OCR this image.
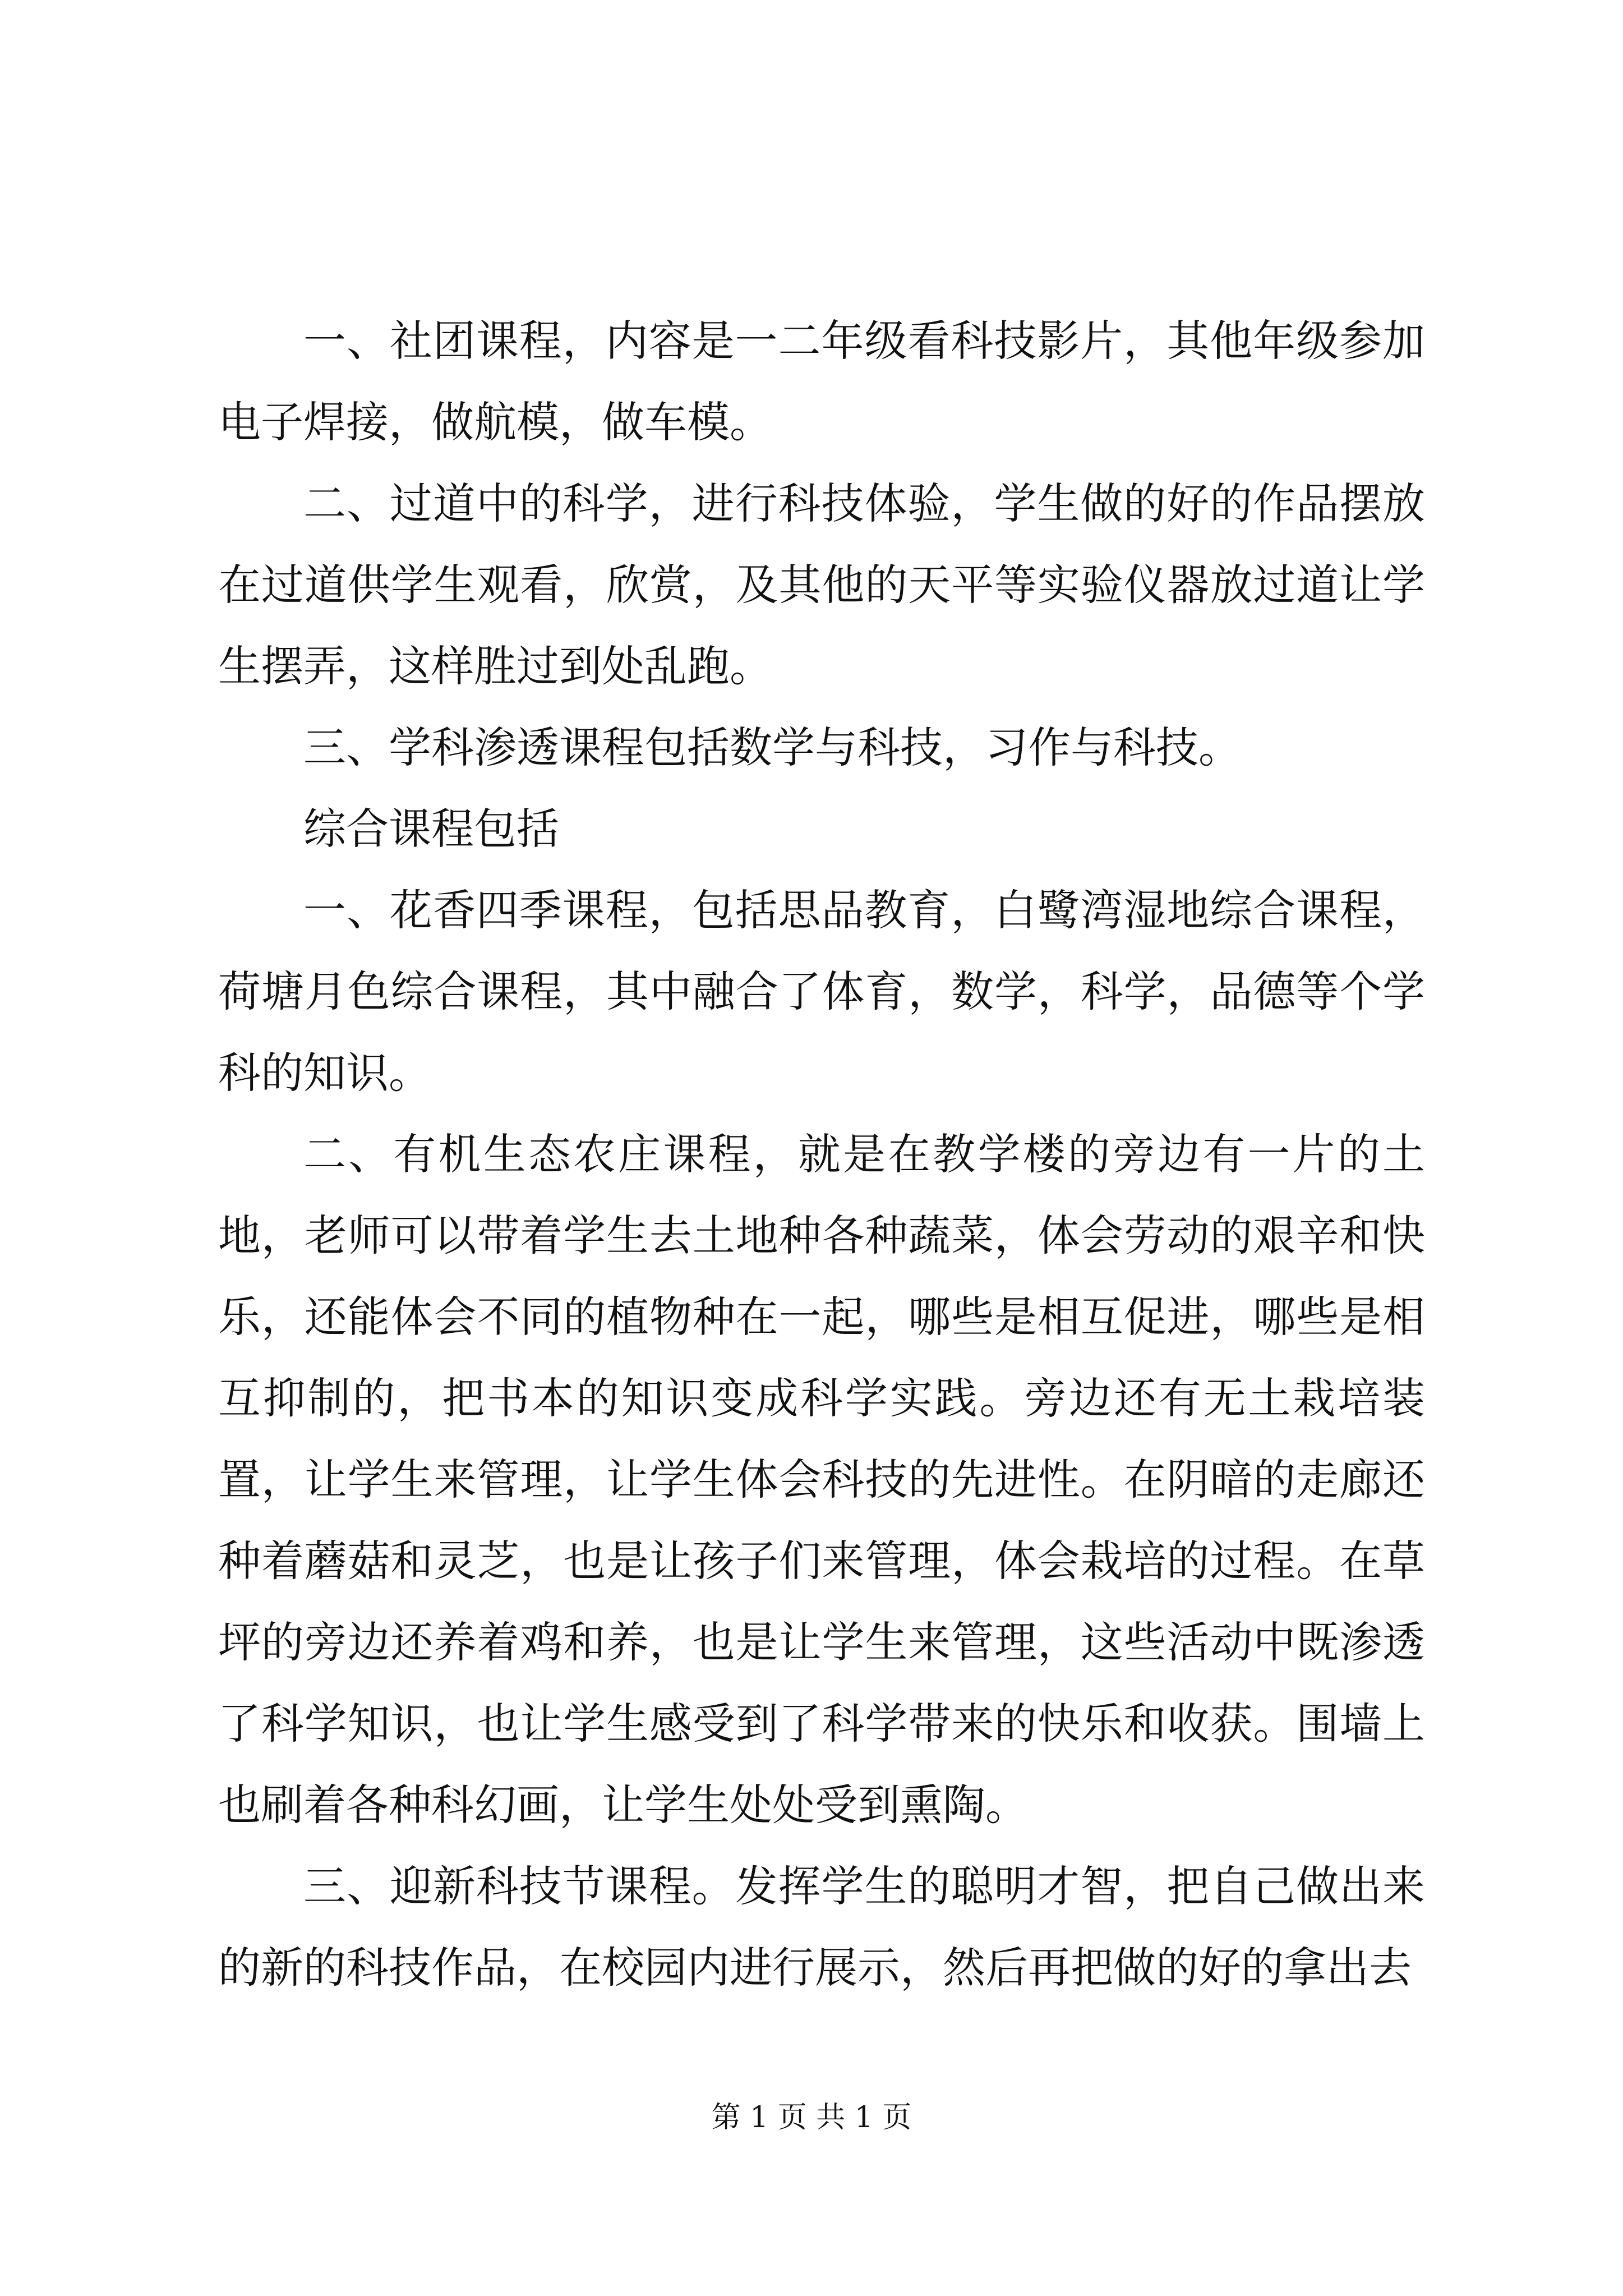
一、社团课程，内容是一二年级看科技影片，其他年级参加电子焊接，做航模，做车模。

二、过道中的科学，进行科技体验，学生做的好的作品摆放在过道供学生观看，欣赏，及其他的天平等实验仪器放过道让学生摆弄，这样胜过到处乱跑。

三、学科渗透课程包括数学与科技，习作与科技。

综合课程包括

一、花香四季课程，包括思品教育，白鹭湾湿地综合课程，荷塘月色综合课程，其中融合了体育，数学，科学，品德等个学科的知识。

二、有机生态农庄课程，就是在教学楼的旁边有一片的土地，老师可以带着学生去土地种各种蔬菜，体会劳动的艰辛和快乐，还能体会不同的植物种在一起，哪些是相互促进，哪些是相互抑制的，把书本的知识变成科学实践。旁边还有无土栽培装置，让学生来管理，让学生体会科技的先进性。在阴暗的走廊还种着蘑菇和灵芝，也是让孩子们来管理，体会栽培的过程。在草坪的旁边还养着鸡和养，也是让学生来管理，这些活动中既渗透了科学知识，也让学生感受到了科学带来的快乐和收获。围墙上也刷着各种科幻画，让学生处处受到熏陶。

三、迎新科技节课程。发挥学生的聪明才智，把自己做出来的新的科技作品，在校园内进行展示，然后再把做的好的拿出去

第 1 页 共 1 页
